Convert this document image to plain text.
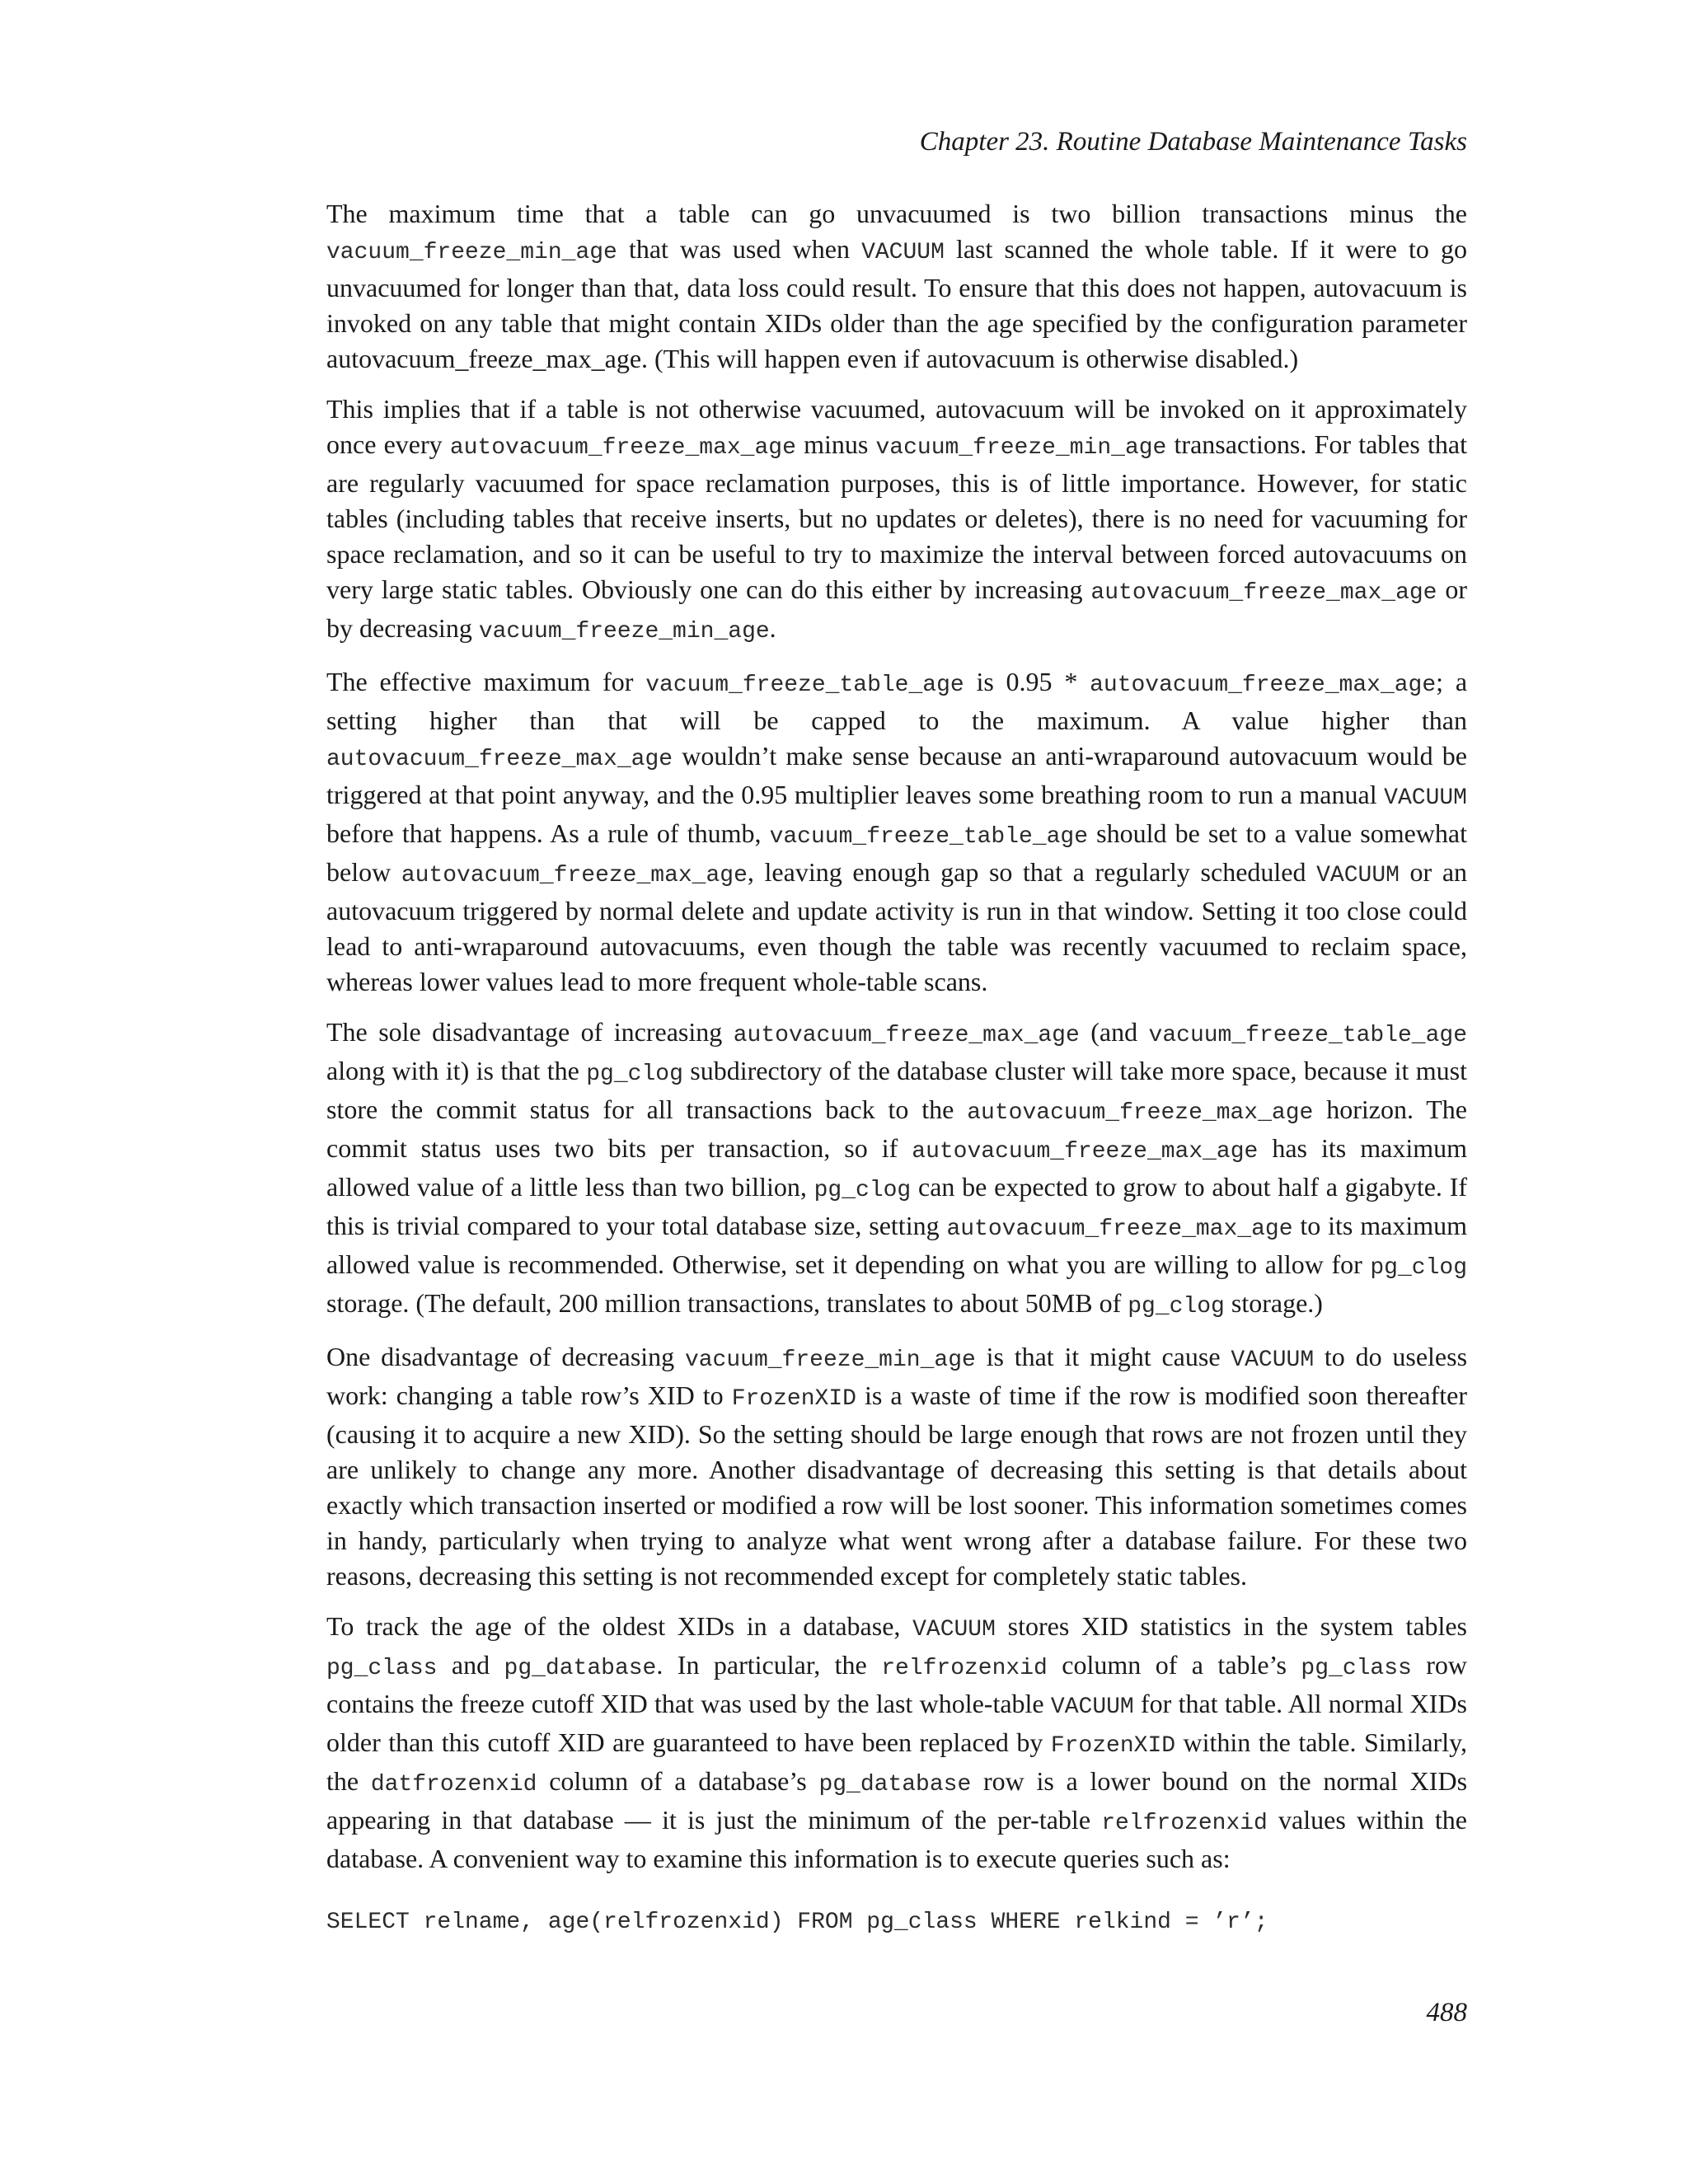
Chapter 23. Routine Database Maintenance Tasks

The maximum time that a table can go unvacuumed is two billion transactions minus the vacuum_freeze_min_age that was used when VACUUM last scanned the whole table. If it were to go unvacuumed for longer than that, data loss could result. To ensure that this does not happen, autovacuum is invoked on any table that might contain XIDs older than the age specified by the configuration parameter autovacuum_freeze_max_age. (This will happen even if autovacuum is otherwise disabled.)

This implies that if a table is not otherwise vacuumed, autovacuum will be invoked on it approximately once every autovacuum_freeze_max_age minus vacuum_freeze_min_age transactions. For tables that are regularly vacuumed for space reclamation purposes, this is of little importance. However, for static tables (including tables that receive inserts, but no updates or deletes), there is no need for vacuuming for space reclamation, and so it can be useful to try to maximize the interval between forced autovacuums on very large static tables. Obviously one can do this either by increasing autovacuum_freeze_max_age or by decreasing vacuum_freeze_min_age.

The effective maximum for vacuum_freeze_table_age is 0.95 * autovacuum_freeze_max_age; a setting higher than that will be capped to the maximum. A value higher than autovacuum_freeze_max_age wouldn’t make sense because an anti-wraparound autovacuum would be triggered at that point anyway, and the 0.95 multiplier leaves some breathing room to run a manual VACUUM before that happens. As a rule of thumb, vacuum_freeze_table_age should be set to a value somewhat below autovacuum_freeze_max_age, leaving enough gap so that a regularly scheduled VACUUM or an autovacuum triggered by normal delete and update activity is run in that window. Setting it too close could lead to anti-wraparound autovacuums, even though the table was recently vacuumed to reclaim space, whereas lower values lead to more frequent whole-table scans.

The sole disadvantage of increasing autovacuum_freeze_max_age (and vacuum_freeze_table_age along with it) is that the pg_clog subdirectory of the database cluster will take more space, because it must store the commit status for all transactions back to the autovacuum_freeze_max_age horizon. The commit status uses two bits per transaction, so if autovacuum_freeze_max_age has its maximum allowed value of a little less than two billion, pg_clog can be expected to grow to about half a gigabyte. If this is trivial compared to your total database size, setting autovacuum_freeze_max_age to its maximum allowed value is recommended. Otherwise, set it depending on what you are willing to allow for pg_clog storage. (The default, 200 million transactions, translates to about 50MB of pg_clog storage.)

One disadvantage of decreasing vacuum_freeze_min_age is that it might cause VACUUM to do useless work: changing a table row’s XID to FrozenXID is a waste of time if the row is modified soon thereafter (causing it to acquire a new XID). So the setting should be large enough that rows are not frozen until they are unlikely to change any more. Another disadvantage of decreasing this setting is that details about exactly which transaction inserted or modified a row will be lost sooner. This information sometimes comes in handy, particularly when trying to analyze what went wrong after a database failure. For these two reasons, decreasing this setting is not recommended except for completely static tables.

To track the age of the oldest XIDs in a database, VACUUM stores XID statistics in the system tables pg_class and pg_database. In particular, the relfrozenxid column of a table’s pg_class row contains the freeze cutoff XID that was used by the last whole-table VACUUM for that table. All normal XIDs older than this cutoff XID are guaranteed to have been replaced by FrozenXID within the table. Similarly, the datfrozenxid column of a database’s pg_database row is a lower bound on the normal XIDs appearing in that database — it is just the minimum of the per-table relfrozenxid values within the database. A convenient way to examine this information is to execute queries such as:

SELECT relname, age(relfrozenxid) FROM pg_class WHERE relkind = ’r’;
488
